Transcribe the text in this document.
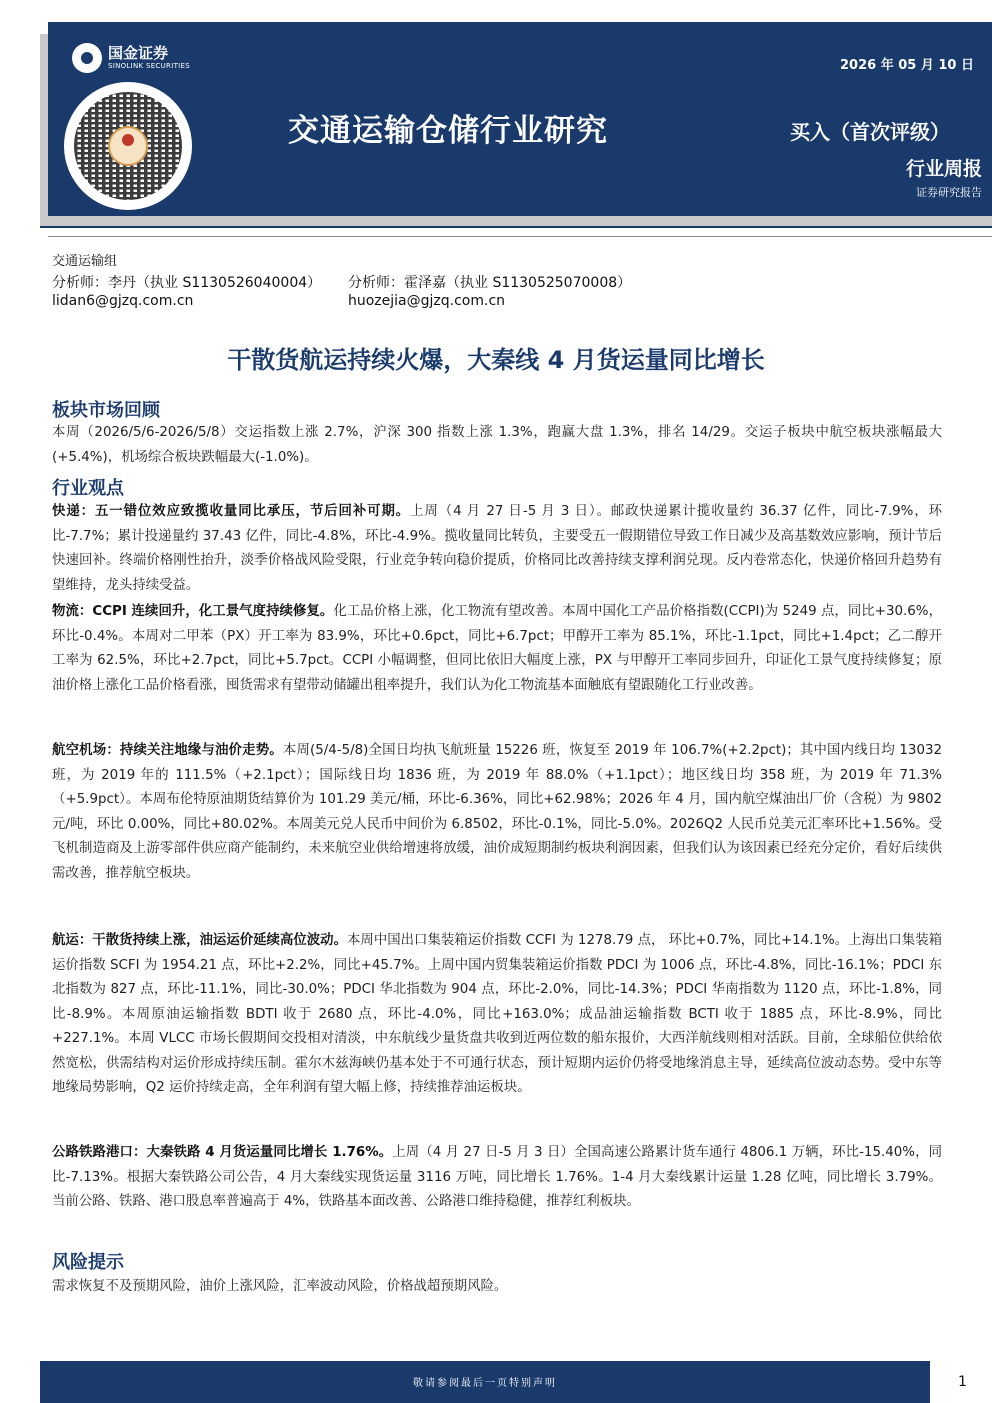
国金证券
SINOLINK SECURITIES	2026 年 05 月 10 日
交通运输仓储行业研究	买入（首次评级）
行业周报
证券研究报告
交通运输组
分析师：李丹（执业 S1130526040004）
lidan6@gjzq.com.cn
分析师：霍泽嘉（执业 S1130525070008）
huozejia@gjzq.com.cn
干散货航运持续火爆，大秦线 4 月货运量同比增长
板块市场回顾
本周（2026/5/6-2026/5/8）交运指数上涨 2.7%，沪深 300 指数上涨 1.3%，跑赢大盘 1.3%，排名 14/29。交运子板块中航空板块涨幅最大(+5.4%)，机场综合板块跌幅最大(-1.0%)。
行业观点
快递：五一错位效应致揽收量同比承压，节后回补可期。上周（4 月 27 日-5 月 3 日）。邮政快递累计揽收量约 36.37 亿件，同比-7.9%，环比-7.7%；累计投递量约 37.43 亿件，同比-4.8%，环比-4.9%。揽收量同比转负，主要受五一假期错位导致工作日减少及高基数效应影响，预计节后快速回补。终端价格刚性抬升，淡季价格战风险受限，行业竞争转向稳价提质，价格同比改善持续支撑利润兑现。反内卷常态化，快递价格回升趋势有望维持，龙头持续受益。
物流：CCPI 连续回升，化工景气度持续修复。化工品价格上涨，化工物流有望改善。本周中国化工产品价格指数(CCPI)为 5249 点，同比+30.6%，环比-0.4%。本周对二甲苯（PX）开工率为 83.9%，环比+0.6pct，同比+6.7pct；甲醇开工率为 85.1%，环比-1.1pct，同比+1.4pct；乙二醇开工率为 62.5%，环比+2.7pct，同比+5.7pct。CCPI 小幅调整，但同比依旧大幅度上涨，PX 与甲醇开工率同步回升，印证化工景气度持续修复；原油价格上涨化工品价格看涨，囤货需求有望带动储罐出租率提升，我们认为化工物流基本面触底有望跟随化工行业改善。
航空机场：持续关注地缘与油价走势。本周(5/4-5/8)全国日均执飞航班量 15226 班，恢复至 2019 年 106.7%(+2.2pct)；其中国内线日均 13032 班，为 2019 年的 111.5%（+2.1pct）；国际线日均 1836 班，为 2019 年 88.0%（+1.1pct）；地区线日均 358 班，为 2019 年 71.3%（+5.9pct）。本周布伦特原油期货结算价为 101.29 美元/桶，环比-6.36%，同比+62.98%；2026 年 4 月，国内航空煤油出厂价（含税）为 9802 元/吨，环比 0.00%，同比+80.02%。本周美元兑人民币中间价为 6.8502，环比-0.1%，同比-5.0%。2026Q2 人民币兑美元汇率环比+1.56%。受飞机制造商及上游零部件供应商产能制约，未来航空业供给增速将放缓，油价成短期制约板块利润因素，但我们认为该因素已经充分定价，看好后续供需改善，推荐航空板块。
航运：干散货持续上涨，油运运价延续高位波动。本周中国出口集装箱运价指数 CCFI 为 1278.79 点， 环比+0.7%，同比+14.1%。上海出口集装箱运价指数 SCFI 为 1954.21 点，环比+2.2%，同比+45.7%。上周中国内贸集装箱运价指数 PDCI 为 1006 点，环比-4.8%，同比-16.1%；PDCI 东北指数为 827 点，环比-11.1%，同比-30.0%；PDCI 华北指数为 904 点，环比-2.0%，同比-14.3%；PDCI 华南指数为 1120 点，环比-1.8%，同比-8.9%。本周原油运输指数 BDTI 收于 2680 点，环比-4.0%，同比+163.0%；成品油运输指数 BCTI 收于 1885 点，环比-8.9%，同比+227.1%。本周 VLCC 市场长假期间交投相对清淡，中东航线少量货盘共收到近两位数的船东报价，大西洋航线则相对活跃。目前，全球船位供给依然宽松，供需结构对运价形成持续压制。霍尔木兹海峡仍基本处于不可通行状态，预计短期内运价仍将受地缘消息主导，延续高位波动态势。受中东等地缘局势影响，Q2 运价持续走高，全年利润有望大幅上修，持续推荐油运板块。
公路铁路港口：大秦铁路 4 月货运量同比增长 1.76%。上周（4 月 27 日-5 月 3 日）全国高速公路累计货车通行 4806.1 万辆，环比-15.40%，同比-7.13%。根据大秦铁路公司公告，4 月大秦线实现货运量 3116 万吨，同比增长 1.76%。1-4 月大秦线累计运量 1.28 亿吨，同比增长 3.79%。当前公路、铁路、港口股息率普遍高于 4%，铁路基本面改善、公路港口维持稳健，推荐红利板块。
风险提示
需求恢复不及预期风险，油价上涨风险，汇率波动风险，价格战超预期风险。
敬请参阅最后一页特别声明	1
